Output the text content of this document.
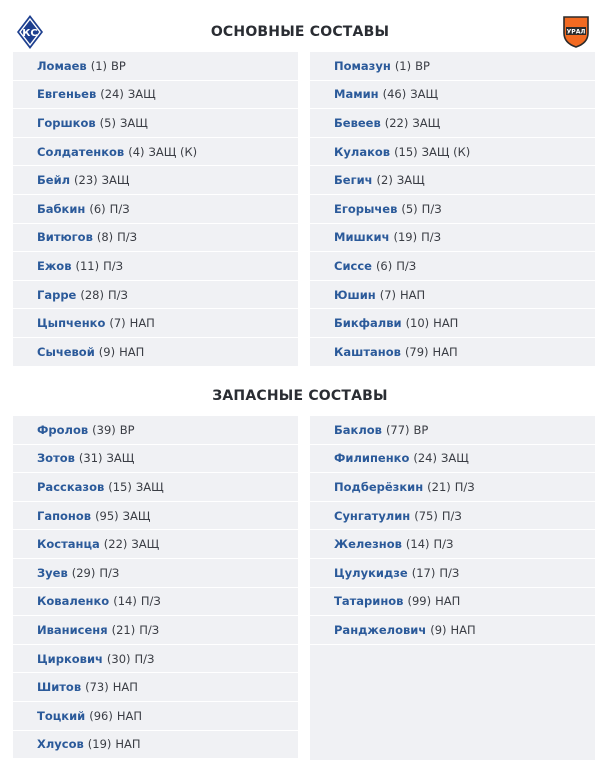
КС	УРАЛ
ОСНОВНЫЕ СОСТАВЫ
Ломаев (1) ВР
Евгеньев (24) ЗАЩ
Горшков (5) ЗАЩ
Солдатенков (4) ЗАЩ (К)
Бейл (23) ЗАЩ
Бабкин (6) П/З
Витюгов (8) П/З
Ежов (11) П/З
Гарре (28) П/З
Цыпченко (7) НАП
Сычевой (9) НАП
Помазун (1) ВР
Мамин (46) ЗАЩ
Бевеев (22) ЗАЩ
Кулаков (15) ЗАЩ (К)
Бегич (2) ЗАЩ
Егорычев (5) П/З
Мишкич (19) П/З
Сиссе (6) П/З
Юшин (7) НАП
Бикфалви (10) НАП
Каштанов (79) НАП
ЗАПАСНЫЕ СОСТАВЫ
Фролов (39) ВР
Зотов (31) ЗАЩ
Рассказов (15) ЗАЩ
Гапонов (95) ЗАЩ
Костанца (22) ЗАЩ
Зуев (29) П/З
Коваленко (14) П/З
Иванисеня (21) П/З
Циркович (30) П/З
Шитов (73) НАП
Тоцкий (96) НАП
Хлусов (19) НАП
Баклов (77) ВР
Филипенко (24) ЗАЩ
Подберёзкин (21) П/З
Сунгатулин (75) П/З
Железнов (14) П/З
Цулукидзе (17) П/З
Татаринов (99) НАП
Ранджелович (9) НАП
